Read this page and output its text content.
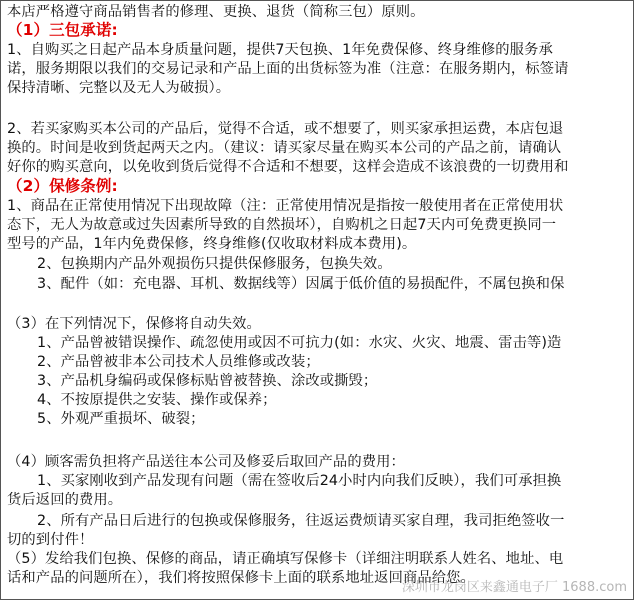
本店严格遵守商品销售者的修理、更换、退货（简称三包）原则。
（1）三包承诺:
1、自购买之日起产品本身质量问题，提供7天包换、1年免费保修、终身维修的服务承
诺，服务期限以我们的交易记录和产品上面的出货标签为准（注意：在服务期内，标签请
保持清晰、完整以及无人为破损）。
2、若买家购买本公司的产品后，觉得不合适，或不想要了，则买家承担运费，本店包退
换的。时间是收到货起两天之内。（建议：请买家尽量在购买本公司的产品之前，请确认
好你的购买意向，以免收到货后觉得不合适和不想要，这样会造成不该浪费的一切费用和
（2）保修条例:
1、商品在正常使用情况下出现故障（注：正常使用情况是指按一般使用者在正常使用状
态下，无人为故意或过失因素所导致的自然损坏），自购机之日起7天内可免费更换同一
型号的产品，1年内免费保修，终身维修(仅收取材料成本费用)。
2、包换期内产品外观损伤只提供保修服务，包换失效。
3、配件（如：充电器、耳机、数据线等）因属于低价值的易损配件，不属包换和保
（3）在下列情况下，保修将自动失效。
1、产品曾被错误操作、疏忽使用或因不可抗力(如：水灾、火灾、地震、雷击等)造
2、产品曾被非本公司技术人员维修或改装；
3、产品机身编码或保修标贴曾被替换、涂改或撕毁；
4、不按原提供之安装、操作或保养；
5、外观严重损坏、破裂；
（4）顾客需负担将产品送往本公司及修妥后取回产品的费用：
1、买家刚收到产品发现有问题（需在签收后24小时内向我们反映），我们可承担换
货后返回的费用。
2、所有产品日后进行的包换或保修服务，往返运费烦请买家自理，我司拒绝签收一
切的到付件！
（5）发给我们包换、保修的商品，请正确填写保修卡（详细注明联系人姓名、地址、电
话和产品的问题所在），我们将按照保修卡上面的联系地址返回商品给您。
深圳市龙岗区来鑫通电子厂 1688.com
